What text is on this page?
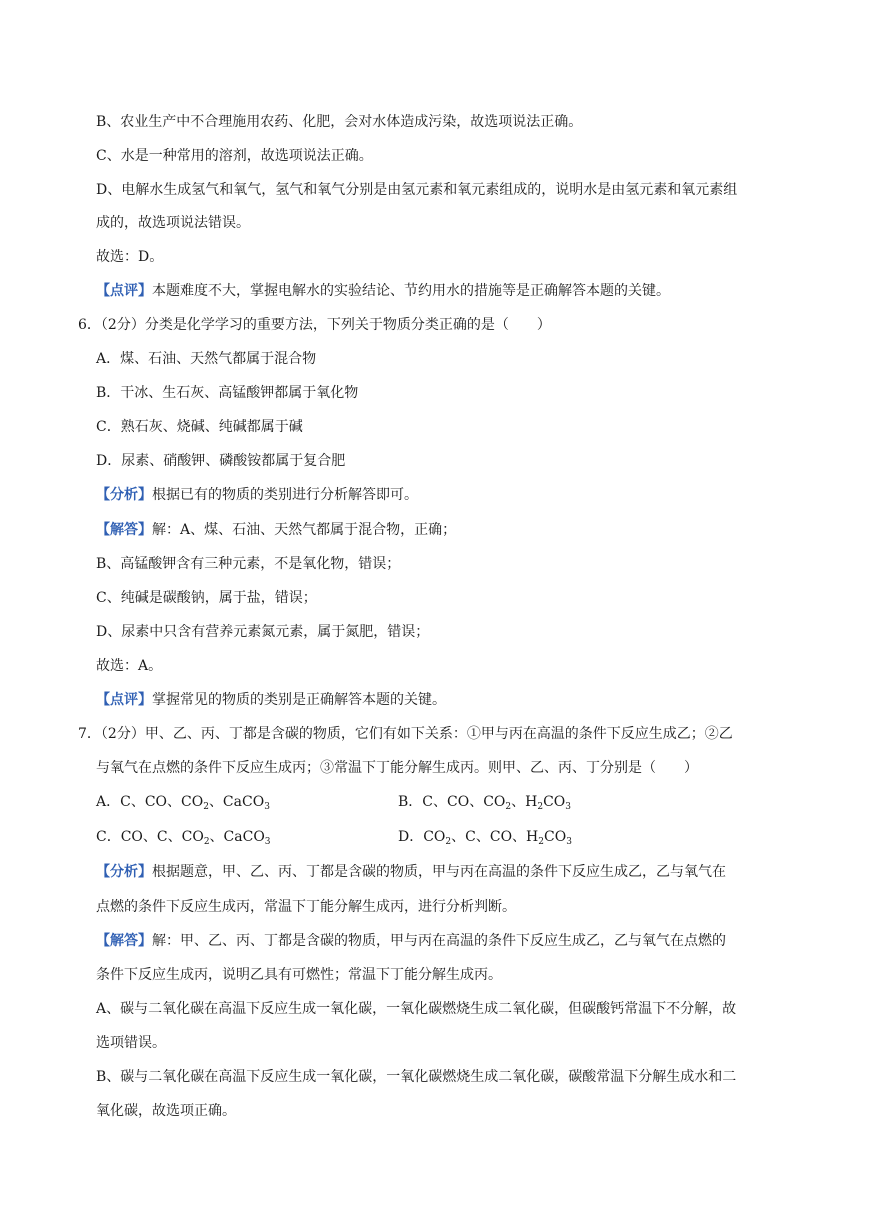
B、农业生产中不合理施用农药、化肥，会对水体造成污染，故选项说法正确。
C、水是一种常用的溶剂，故选项说法正确。
D、电解水生成氢气和氧气，氢气和氧气分别是由氢元素和氧元素组成的，说明水是由氢元素和氧元素组
成的，故选项说法错误。
故选：D。
【点评】本题难度不大，掌握电解水的实验结论、节约用水的措施等是正确解答本题的关键。
6．（2分）分类是化学学习的重要方法，下列关于物质分类正确的是（　　）
A．煤、石油、天然气都属于混合物
B．干冰、生石灰、高锰酸钾都属于氧化物
C．熟石灰、烧碱、纯碱都属于碱
D．尿素、硝酸钾、磷酸铵都属于复合肥
【分析】根据已有的物质的类别进行分析解答即可。
【解答】解：A、煤、石油、天然气都属于混合物，正确；
B、高锰酸钾含有三种元素，不是氧化物，错误；
C、纯碱是碳酸钠，属于盐，错误；
D、尿素中只含有营养元素氮元素，属于氮肥，错误；
故选：A。
【点评】掌握常见的物质的类别是正确解答本题的关键。
7．（2分）甲、乙、丙、丁都是含碳的物质，它们有如下关系：①甲与丙在高温的条件下反应生成乙；②乙
与氧气在点燃的条件下反应生成丙；③常温下丁能分解生成丙。则甲、乙、丙、丁分别是（　　）
A．C、CO、$CO_2$、CaCO$_3$	B．C、CO、$CO_2$、$H_2CO_3$
C．CO、C、$CO_2$、CaCO$_3$	D．$CO_2$、C、CO、$H_2CO_3$
【分析】根据题意，甲、乙、丙、丁都是含碳的物质，甲与丙在高温的条件下反应生成乙，乙与氧气在
点燃的条件下反应生成丙，常温下丁能分解生成丙，进行分析判断。
【解答】解：甲、乙、丙、丁都是含碳的物质，甲与丙在高温的条件下反应生成乙，乙与氧气在点燃的
条件下反应生成丙，说明乙具有可燃性；常温下丁能分解生成丙。
A、碳与二氧化碳在高温下反应生成一氧化碳，一氧化碳燃烧生成二氧化碳，但碳酸钙常温下不分解，故
选项错误。
B、碳与二氧化碳在高温下反应生成一氧化碳，一氧化碳燃烧生成二氧化碳，碳酸常温下分解生成水和二
氧化碳，故选项正确。
